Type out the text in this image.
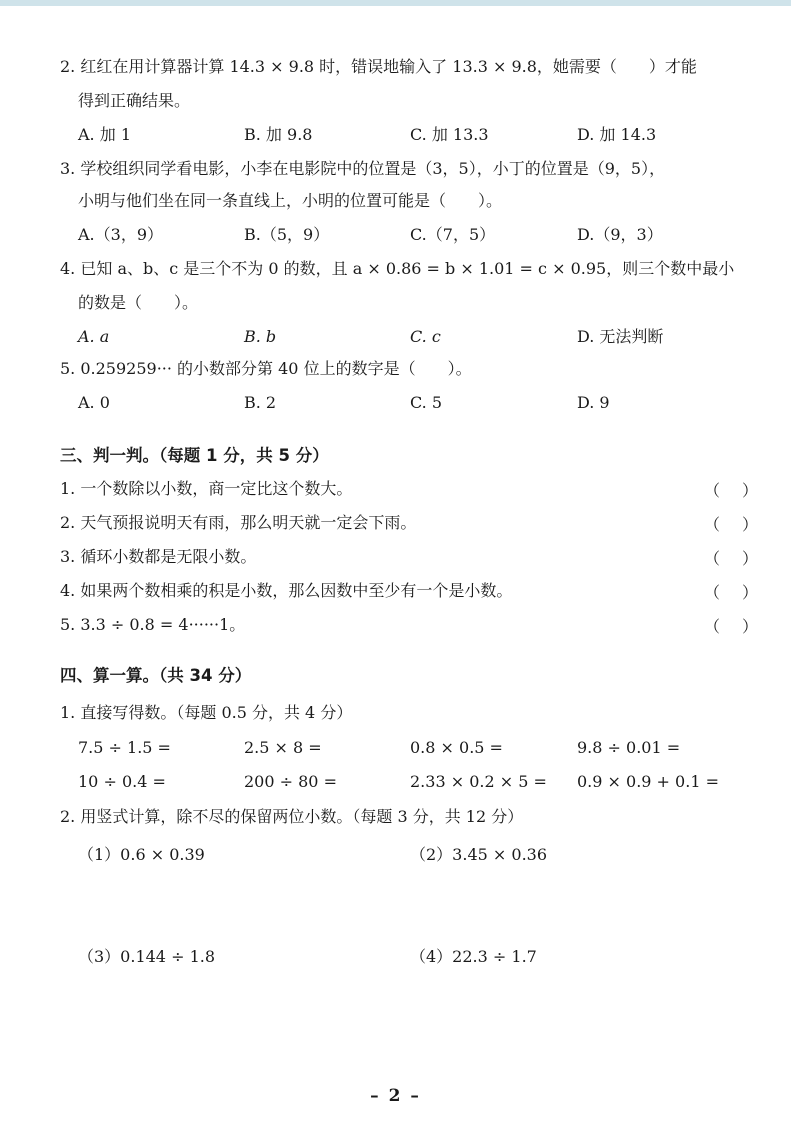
2. 红红在用计算器计算 14.3 × 9.8 时，错误地输入了 13.3 × 9.8，她需要（　　）才能
得到正确结果。
A. 加 1	B. 加 9.8	C. 加 13.3	D. 加 14.3
3. 学校组织同学看电影，小李在电影院中的位置是（3，5），小丁的位置是（9，5），
小明与他们坐在同一条直线上，小明的位置可能是（　　）。
A.（3，9）	B.（5，9）	C.（7，5）	D.（9，3）
4. 已知 a、b、c 是三个不为 0 的数，且 a × 0.86 = b × 1.01 = c × 0.95，则三个数中最小
的数是（　　）。
A. a	B. b	C. c	D. 无法判断
5. 0.259259··· 的小数部分第 40 位上的数字是（　　）。
A. 0	B. 2	C. 5	D. 9
三、判一判。（每题 1 分，共 5 分）
1. 一个数除以小数，商一定比这个数大。	（ ）
2. 天气预报说明天有雨，那么明天就一定会下雨。	（ ）
3. 循环小数都是无限小数。	（ ）
4. 如果两个数相乘的积是小数，那么因数中至少有一个是小数。	（ ）
5. 3.3 ÷ 0.8 = 4······1。	（ ）
四、算一算。（共 34 分）
1. 直接写得数。（每题 0.5 分，共 4 分）
7.5 ÷ 1.5 =	2.5 × 8 =	0.8 × 0.5 =	9.8 ÷ 0.01 =
10 ÷ 0.4 =	200 ÷ 80 =	2.33 × 0.2 × 5 = 0.9 × 0.9 + 0.1 =
2. 用竖式计算，除不尽的保留两位小数。（每题 3 分，共 12 分）
（1）0.6 × 0.39	（2）3.45 × 0.36
（3）0.144 ÷ 1.8	（4）22.3 ÷ 1.7
– 2 –
